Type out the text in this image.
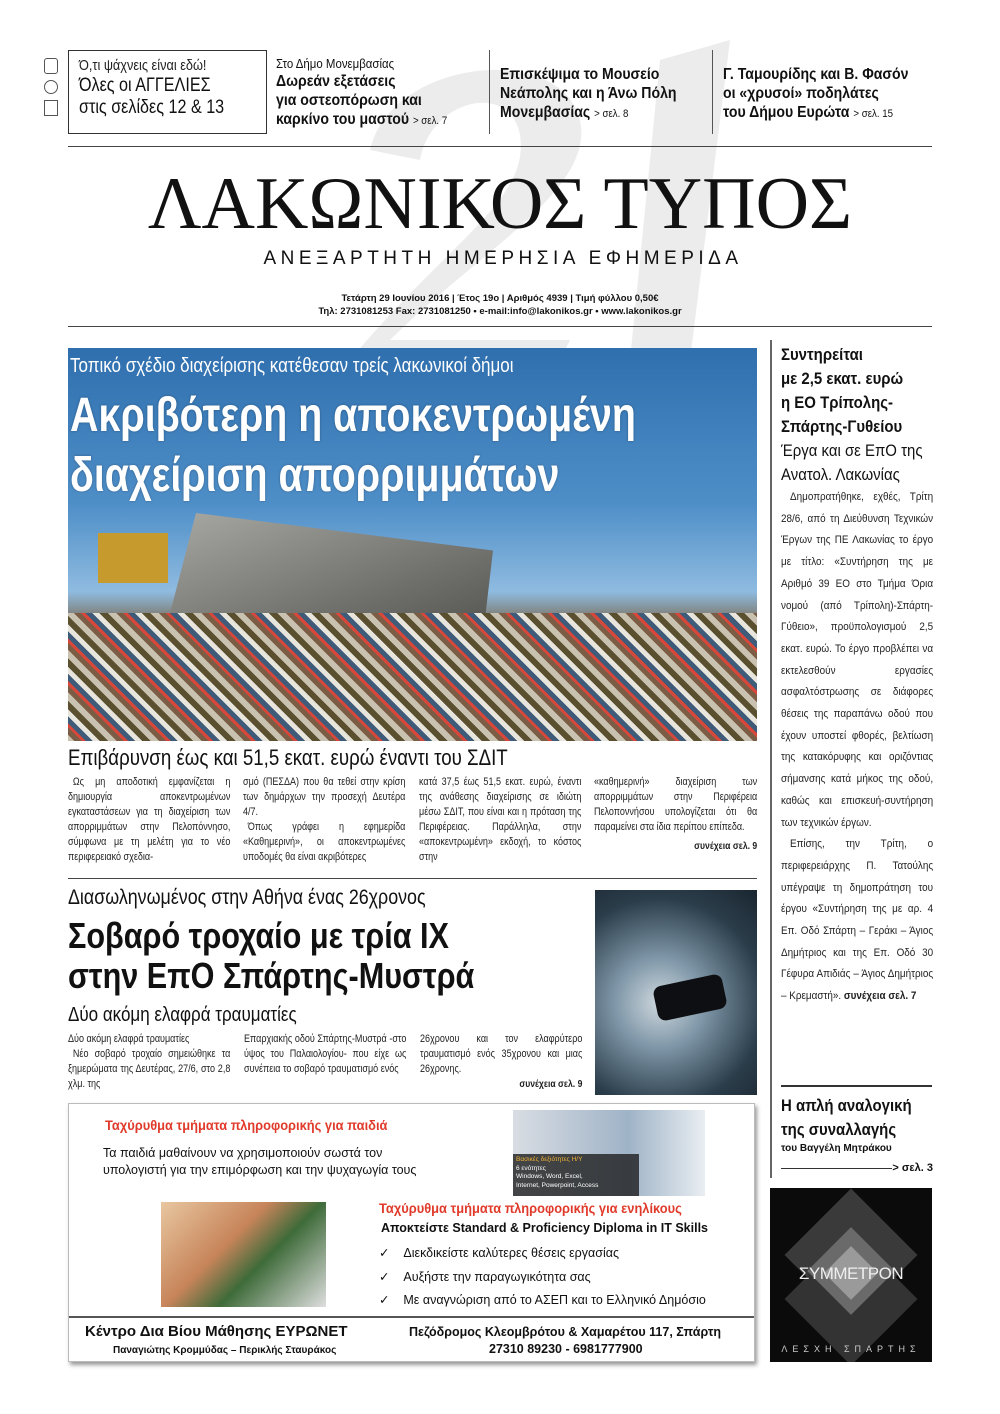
Ό,τι ψάχνεις είναι εδώ!
Όλες οι ΑΓΓΕΛΙΕΣ
στις σελίδες 12 & 13
Στο Δήμο Μονεμβασίας
Δωρεάν εξετάσεις
για οστεοπόρωση και
καρκίνο του μαστού > σελ. 7
Επισκέψιμα το Μουσείο
Νεάπολης και η Άνω Πόλη
Μονεμβασίας > σελ. 8
Γ. Ταμουρίδης και Β. Φασόν
οι «χρυσοί» ποδηλάτες
του Δήμου Ευρώτα > σελ. 15
ΛΑΚΩΝΙΚΟΣ ΤΥΠΟΣ
ΑΝΕΞΑΡΤΗΤΗ ΗΜΕΡΗΣΙΑ ΕΦΗΜΕΡΙΔΑ
Τετάρτη 29 Ιουνίου 2016 | Έτος 19ο | Αριθμός 4939 | Τιμή φύλλου 0,50€
Τηλ: 2731081253 Fax: 2731081250 • e-mail:info@lakonikos.gr • www.lakonikos.gr
Τοπικό σχέδιο διαχείρισης κατέθεσαν τρείς λακωνικοί δήμοι
Ακριβότερη η αποκεντρωμένη
διαχείριση απορριμμάτων
Επιβάρυνση έως και 51,5 εκατ. ευρώ έναντι του ΣΔΙΤ

Ως μη αποδοτική εμφανίζεται η δημιουργία αποκεντρωμένων εγκαταστάσεων για τη διαχείριση των απορριμμάτων στην Πελοπόννησο, σύμφωνα με τη μελέτη για το νέο περιφερειακό σχεδια-

σμό (ΠΕΣΔΑ) που θα τεθεί στην κρίση των δημάρχων την προσεχή Δευτέρα 4/7.

Όπως γράφει η εφημερίδα «Καθημερινή», οι αποκεντρωμένες υποδομές θα είναι ακριβότερες

κατά 37,5 έως 51,5 εκατ. ευρώ, έναντι της ανάθεσης διαχείρισης σε ιδιώτη μέσω ΣΔΙΤ, που είναι και η πρόταση της Περιφέρειας. Παράλληλα, στην «αποκεντρωμένη» εκδοχή, το κόστος στην

«καθημερινή» διαχείριση των απορριμμάτων στην Περιφέρεια Πελοποννήσου υπολογίζεται ότι θα παραμείνει στα ίδια περίπου επίπεδα.

συνέχεια σελ. 9
Διασωληνωμένος στην Αθήνα ένας 26χρονος
Σοβαρό τροχαίο με τρία ΙΧ
στην ΕπΟ Σπάρτης-Μυστρά
Δύο ακόμη ελαφρά τραυματίες

Δύο ακόμη ελαφρά τραυματίες

Νέο σοβαρό τροχαίο σημειώθηκε τα ξημερώματα της Δευτέρας, 27/6, στο 2,8 χλμ. της

Επαρχιακής οδού Σπάρτης-Μυστρά -στο ύψος του Παλαιολογίου- που είχε ως συνέπεια το σοβαρό τραυματισμό ενός

26χρονου και τον ελαφρύτερο τραυματισμό ενός 35χρονου και μιας 26χρονης.

συνέχεια σελ. 9
Συντηρείται
με 2,5 εκατ. ευρώ
η ΕΟ Τρίπολης-
Σπάρτης-Γυθείου
Έργα και σε ΕπΟ της
Ανατολ. Λακωνίας

Δημοπρατήθηκε, εχθές, Τρίτη 28/6, από τη Διεύθυνση Τεχνικών Έργων της ΠΕ Λακωνίας το έργο με τίτλο: «Συντήρηση της με Αριθμό 39 ΕΟ στο Τμήμα Όρια νομού (από Τρίπολη)-Σπάρτη-Γύθειο», προϋπολογισμού 2,5 εκατ. ευρώ. Το έργο προβλέπει να εκτελεσθούν εργασίες ασφαλτόστρωσης σε διάφορες θέσεις της παραπάνω οδού που έχουν υποστεί φθορές, βελτίωση της κατακόρυφης και οριζόντιας σήμανσης κατά μήκος της οδού, καθώς και επισκευή-συντήρηση των τεχνικών έργων.

Επίσης, την Τρίτη, ο περιφερειάρχης Π. Τατούλης υπέγραψε τη δημοπράτηση του έργου «Συντήρηση της με αρ. 4 Επ. Οδό Σπάρτη – Γεράκι – Άγιος Δημήτριος και της Επ. Οδό 30 Γέφυρα Απιδιάς – Άγιος Δημήτριος – Κρεμαστή». συνέχεια σελ. 7

Η απλή αναλογική
της συναλλαγής
του Βαγγέλη Μητράκου
> σελ. 3
Ταχύρυθμα τμήματα πληροφορικής για παιδιά
Τα παιδιά μαθαίνουν να χρησιμοποιούν σωστά τον
υπολογιστή για την επιμόρφωση και την ψυχαγωγία τους
Βασικές δεξιότητες Η/Υ
6 ενότητες
Windows, Word, Excel,
Internet, Powerpoint, Access
Ταχύρυθμα τμήματα πληροφορικής για ενηλίκους
Αποκτείστε Standard & Proficiency Diploma in IT Skills
✓ Διεκδικείστε καλύτερες θέσεις εργασίας
✓ Αυξήστε την παραγωγικότητα σας
✓ Με αναγνώριση από το ΑΣΕΠ και το Ελληνικό Δημόσιο
Κέντρο Δια Βίου Μάθησης ΕΥΡΩΝΕΤ
Παναγιώτης Κρομμύδας – Περικλής Σταυράκος
Πεζόδρομος Κλεομβρότου & Χαμαρέτου 117, Σπάρτη
27310 89230 - 6981777900
ΣΥΜΜΕΤΡΟΝ
ΛΕΣΧΗ ΣΠΑΡΤΗΣ
